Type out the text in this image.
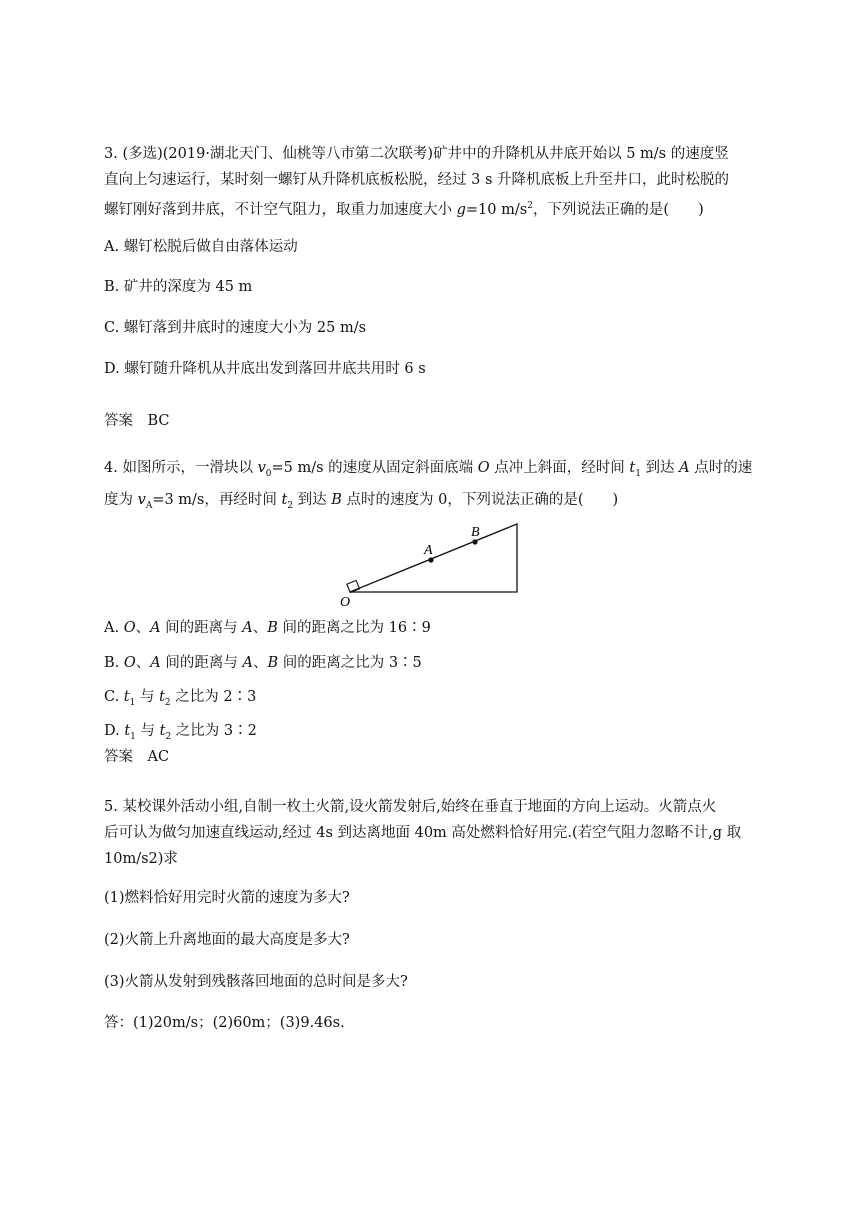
3. (多选)(2019·湖北天门、仙桃等八市第二次联考)矿井中的升降机从井底开始以 5 m/s 的速度竖
直向上匀速运行，某时刻一螺钉从升降机底板松脱，经过 3 s 升降机底板上升至井口，此时松脱的
螺钉刚好落到井底，不计空气阻力，取重力加速度大小 g=10 $m/s^2$，下列说法正确的是(　　)

A. 螺钉松脱后做自由落体运动

B. 矿井的深度为 45 m

C. 螺钉落到井底时的速度大小为 25 m/s

D. 螺钉随升降机从井底出发到落回井底共用时 6 s

答案　BC

4. 如图所示，一滑块以 $v_0=5$ m/s 的速度从固定斜面底端 O 点冲上斜面，经时间 $t_1$ 到达 A 点时的速
度为 $v_A=3$ m/s，再经时间 $t_2$ 到达 B 点时的速度为 0，下列说法正确的是(　　)
O
A
B

A. O、A 间的距离与 A、B 间的距离之比为 16∶9

B. O、A 间的距离与 A、B 间的距离之比为 3∶5

C. $t_1$ 与 $t_2$ 之比为 2∶3

D. $t_1$ 与 $t_2$ 之比为 3∶2

答案　AC

5. 某校课外活动小组,自制一枚土火箭,设火箭发射后,始终在垂直于地面的方向上运动。火箭点火
后可认为做匀加速直线运动,经过 4s 到达离地面 40m 高处燃料恰好用完.(若空气阻力忽略不计,g 取
10m/s2)求

(1)燃料恰好用完时火箭的速度为多大?

(2)火箭上升离地面的最大高度是多大?

(3)火箭从发射到残骸落回地面的总时间是多大?

答：(1)20m/s；(2)60m；(3)9.46s.
